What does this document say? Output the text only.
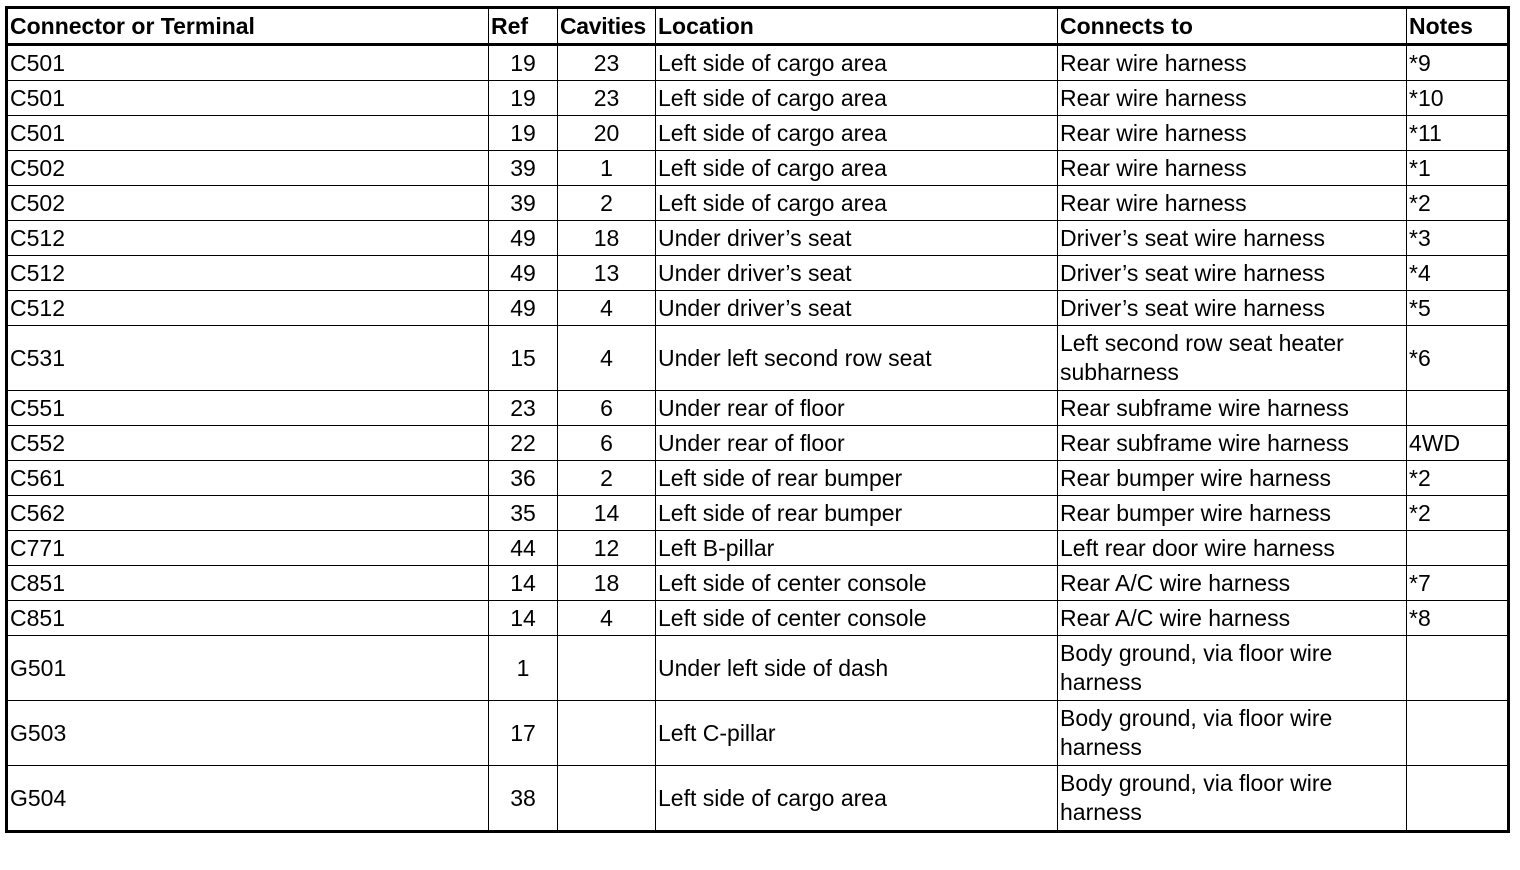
Connector or Terminal	Ref	Cavities	Location	Connects to	Notes
C501	19	23	Left side of cargo area	Rear wire harness	*9
C501	19	23	Left side of cargo area	Rear wire harness	*10
C501	19	20	Left side of cargo area	Rear wire harness	*11
C502	39	1	Left side of cargo area	Rear wire harness	*1
C502	39	2	Left side of cargo area	Rear wire harness	*2
C512	49	18	Under driver’s seat	Driver’s seat wire harness	*3
C512	49	13	Under driver’s seat	Driver’s seat wire harness	*4
C512	49	4	Under driver’s seat	Driver’s seat wire harness	*5
C531	15	4	Under left second row seat	Left second row seat heater subharness	*6
C551	23	6	Under rear of floor	Rear subframe wire harness	
C552	22	6	Under rear of floor	Rear subframe wire harness	4WD
C561	36	2	Left side of rear bumper	Rear bumper wire harness	*2
C562	35	14	Left side of rear bumper	Rear bumper wire harness	*2
C771	44	12	Left B-pillar	Left rear door wire harness	
C851	14	18	Left side of center console	Rear A/C wire harness	*7
C851	14	4	Left side of center console	Rear A/C wire harness	*8
G501	1		Under left side of dash	Body ground, via floor wire harness	
G503	17		Left C-pillar	Body ground, via floor wire harness	
G504	38		Left side of cargo area	Body ground, via floor wire harness	
